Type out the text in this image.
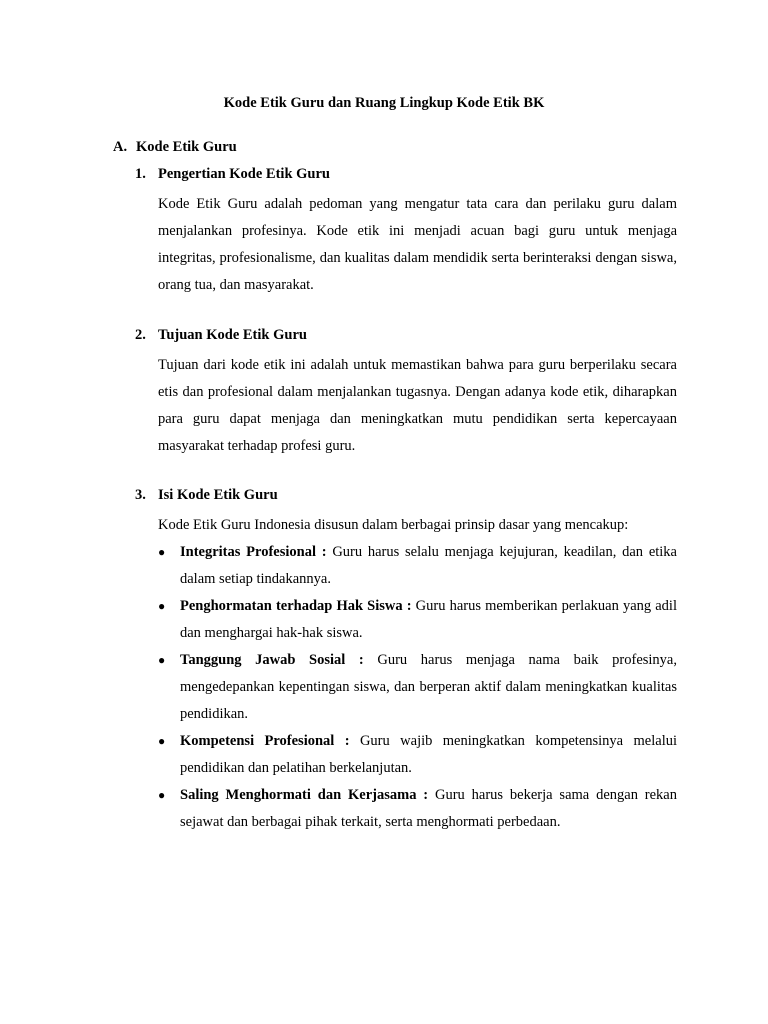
Kode Etik Guru dan Ruang Lingkup Kode Etik BK
A. Kode Etik Guru
1. Pengertian Kode Etik Guru
Kode Etik Guru adalah pedoman yang mengatur tata cara dan perilaku guru dalam menjalankan profesinya. Kode etik ini menjadi acuan bagi guru untuk menjaga integritas, profesionalisme, dan kualitas dalam mendidik serta berinteraksi dengan siswa, orang tua, dan masyarakat.
2. Tujuan Kode Etik Guru
Tujuan dari kode etik ini adalah untuk memastikan bahwa para guru berperilaku secara etis dan profesional dalam menjalankan tugasnya. Dengan adanya kode etik, diharapkan para guru dapat menjaga dan meningkatkan mutu pendidikan serta kepercayaan masyarakat terhadap profesi guru.
3. Isi Kode Etik Guru
Kode Etik Guru Indonesia disusun dalam berbagai prinsip dasar yang mencakup:
● Integritas Profesional : Guru harus selalu menjaga kejujuran, keadilan, dan etika dalam setiap tindakannya.
● Penghormatan terhadap Hak Siswa : Guru harus memberikan perlakuan yang adil dan menghargai hak-hak siswa.
● Tanggung Jawab Sosial : Guru harus menjaga nama baik profesinya, mengedepankan kepentingan siswa, dan berperan aktif dalam meningkatkan kualitas pendidikan.
● Kompetensi Profesional : Guru wajib meningkatkan kompetensinya melalui pendidikan dan pelatihan berkelanjutan.
● Saling Menghormati dan Kerjasama : Guru harus bekerja sama dengan rekan sejawat dan berbagai pihak terkait, serta menghormati perbedaan.
